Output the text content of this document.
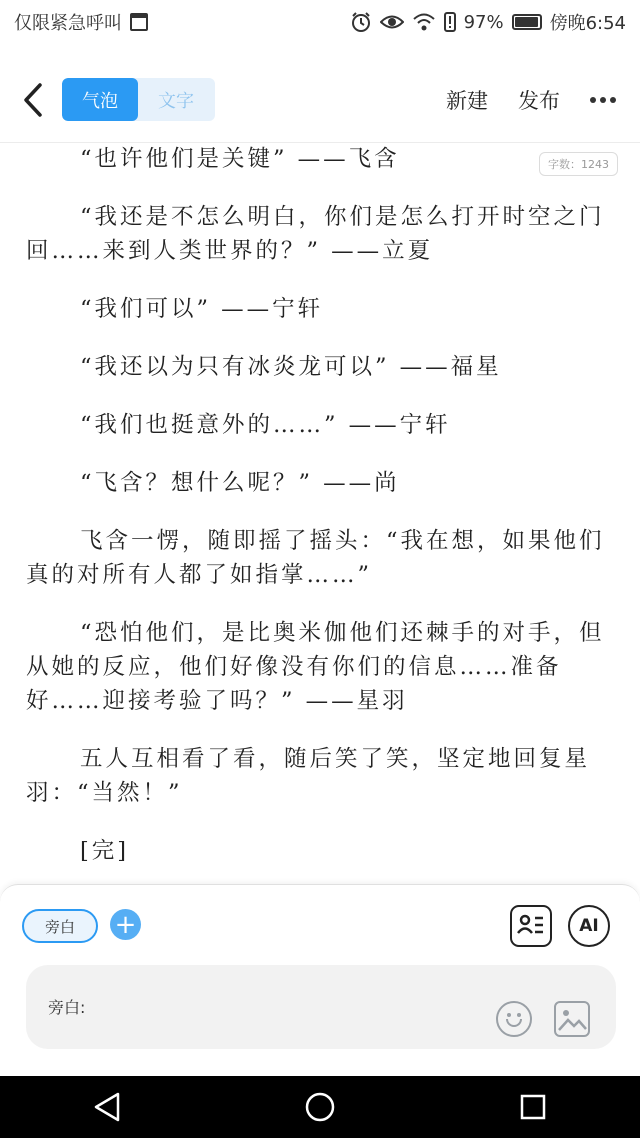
仅限紧急呼叫	97%	傍晚6:54
气泡	文字	新建 发布

“也许他们是关键” ——飞含

“我还是不怎么明白，你们是怎么打开时空之门回……来到人类世界的？” ——立夏

“我们可以” ——宁轩

“我还以为只有冰炎龙可以” ——福星

“我们也挺意外的……” ——宁轩

“飞含？想什么呢？” ——尚

飞含一愣，随即摇了摇头：“我在想，如果他们真的对所有人都了如指掌……”

“恐怕他们，是比奥米伽他们还棘手的对手，但从她的反应，他们好像没有你们的信息……准备好……迎接考验了吗？” ——星羽

五人互相看了看，随后笑了笑，坚定地回复星羽：“当然！”

[完]

字数：1243
旁白	+	AI
旁白:
